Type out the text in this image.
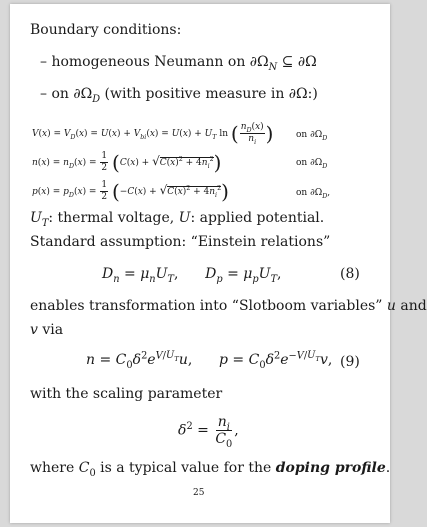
Boundary conditions:
– homogeneous Neumann on $\partial\Omega_N$ ⊆ ∂Ω
– on $\partial\Omega_D$ (with positive measure in ∂Ω:)
$V(x) = V_D(x) = U(x) + V_{bi}(x) = U(x) + U_T$ ln ( $\frac{n_D(x)}{n_i}$ )	on $\partial\Omega_D$
$n(x) = n_D(x) = \frac{1}{2} (C(x) + √C(x)^2 + 4n_i^2)$	on $\partial\Omega_D$
$p(x) = p_D(x) = \frac{1}{2} (-C(x) + √C(x)^2 + 4n_i^2)$	on $\partial\Omega_D$,
$U_T$: thermal voltage, U: applied potential.
Standard assumption: “Einstein relations”
$D_n = \mu_nU_T$,      $D_p = \mu_pU_T$,	(8)
enables transformation into “Slotboom variables” u and
v via
$n = C_0\delta^2e^{V/U_T}u$,      $p = C_0\delta^2e^{-V/U_T}v$, (9)
with the scaling parameter
$\delta^2 = \frac{n_i}{C_0}$ ,
where $C_0$ is a typical value for the doping profile.
25
